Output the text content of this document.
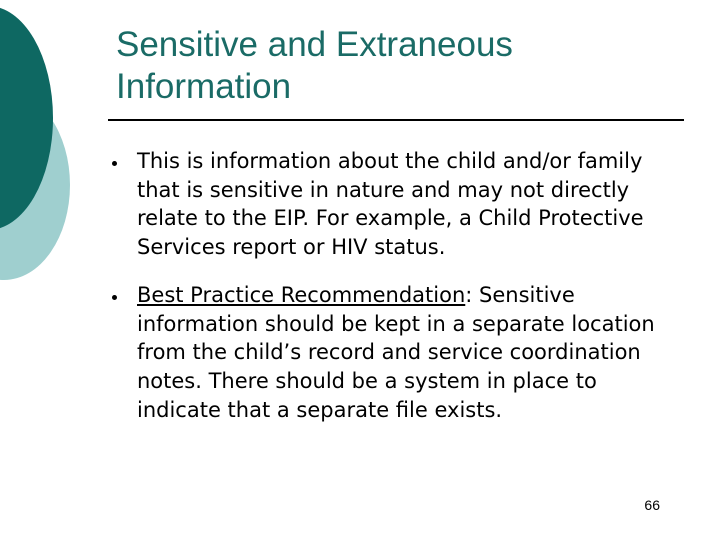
Sensitive and Extraneous Information
This is information about the child and/or family that is sensitive in nature and may not directly relate to the EIP. For example, a Child Protective Services report or HIV status.
Best Practice Recommendation: Sensitive information should be kept in a separate location from the child’s record and service coordination notes. There should be a system in place to indicate that a separate file exists.
66
